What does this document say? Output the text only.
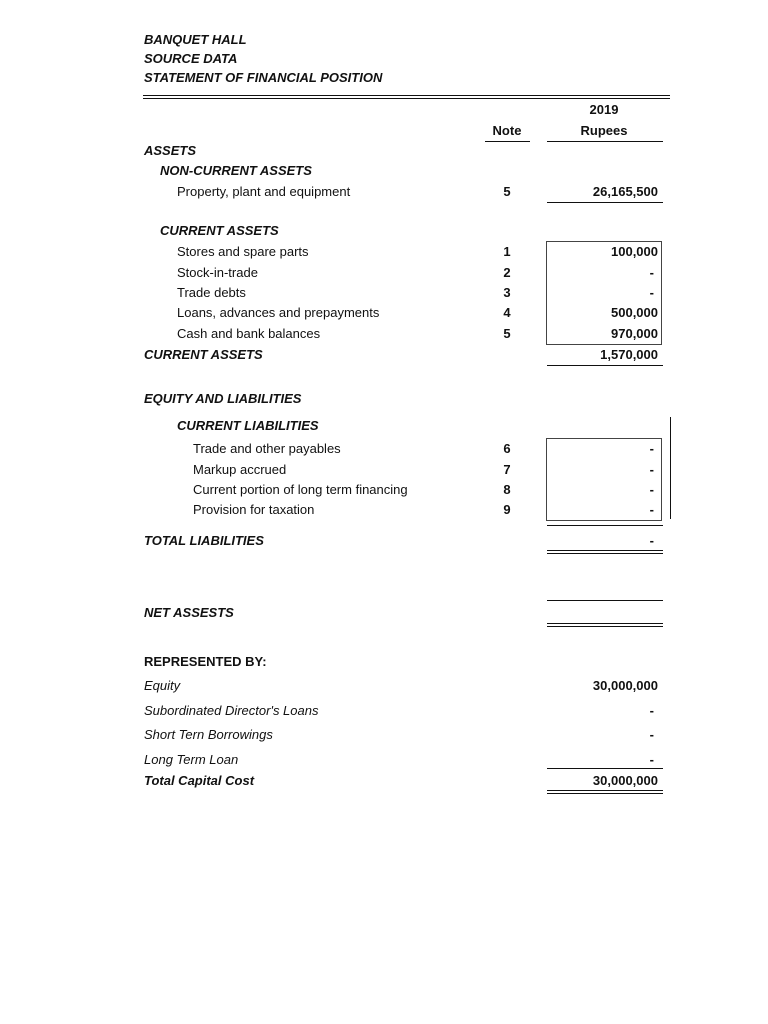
BANQUET HALL
SOURCE DATA
STATEMENT OF FINANCIAL POSITION
2019
Note	Rupees
ASSETS
NON-CURRENT ASSETS
Property, plant and equipment	5	26,165,500
CURRENT ASSETS
Stores and spare parts	1	100,000
Stock-in-trade	2	-
Trade debts	3	-
Loans, advances and prepayments	4	500,000
Cash and bank balances	5	970,000
CURRENT ASSETS	1,570,000
EQUITY AND LIABILITIES
CURRENT LIABILITIES
Trade and other payables	6	-
Markup accrued	7	-
Current portion of long term financing	8	-
Provision for taxation	9	-
TOTAL LIABILITIES	-
NET ASSESTS
REPRESENTED BY:
Equity	30,000,000
Subordinated Director's Loans	-
Short Tern Borrowings	-
Long Term Loan	-
Total Capital Cost	30,000,000
